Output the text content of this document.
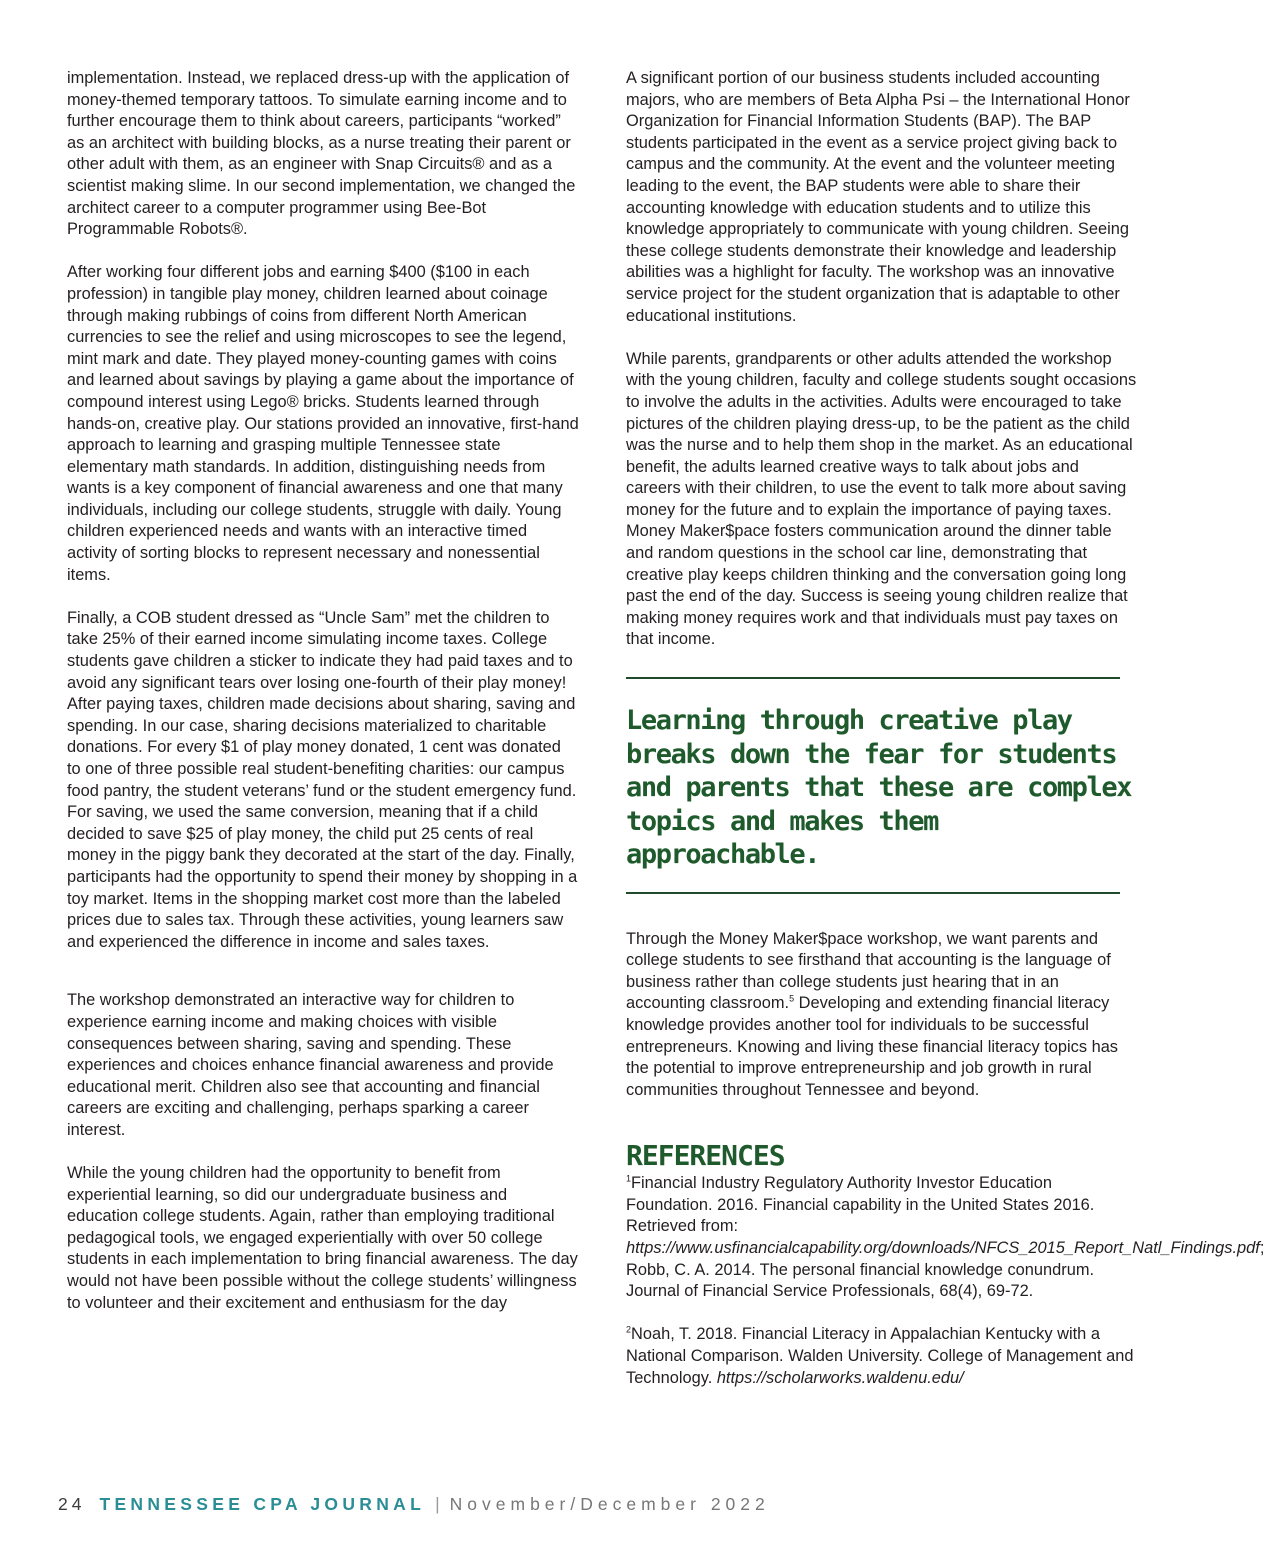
implementation. Instead, we replaced dress-up with the application of money-themed temporary tattoos. To simulate earning income and to further encourage them to think about careers, participants “worked” as an architect with building blocks, as a nurse treating their parent or other adult with them, as an engineer with Snap Circuits® and as a scientist making slime. In our second implementation, we changed the architect career to a computer programmer using Bee-Bot Programmable Robots®.

After working four different jobs and earning $400 ($100 in each profession) in tangible play money, children learned about coinage through making rubbings of coins from different North American currencies to see the relief and using microscopes to see the legend, mint mark and date. They played money-counting games with coins and learned about savings by playing a game about the importance of compound interest using Lego® bricks. Students learned through hands-on, creative play. Our stations provided an innovative, first-hand approach to learning and grasping multiple Tennessee state elementary math standards. In addition, distinguishing needs from wants is a key component of financial awareness and one that many individuals, including our college students, struggle with daily. Young children experienced needs and wants with an interactive timed activity of sorting blocks to represent necessary and nonessential items.

Finally, a COB student dressed as “Uncle Sam” met the children to take 25% of their earned income simulating income taxes. College students gave children a sticker to indicate they had paid taxes and to avoid any significant tears over losing one-fourth of their play money! After paying taxes, children made decisions about sharing, saving and spending. In our case, sharing decisions materialized to charitable donations. For every $1 of play money donated, 1 cent was donated to one of three possible real student-benefiting charities: our campus food pantry, the student veterans’ fund or the student emergency fund. For saving, we used the same conversion, meaning that if a child decided to save $25 of play money, the child put 25 cents of real money in the piggy bank they decorated at the start of the day. Finally, participants had the opportunity to spend their money by shopping in a toy market. Items in the shopping market cost more than the labeled prices due to sales tax. Through these activities, young learners saw and experienced the difference in income and sales taxes.

The workshop demonstrated an interactive way for children to experience earning income and making choices with visible consequences between sharing, saving and spending. These experiences and choices enhance financial awareness and provide educational merit. Children also see that accounting and financial careers are exciting and challenging, perhaps sparking a career interest.

While the young children had the opportunity to benefit from experiential learning, so did our undergraduate business and education college students. Again, rather than employing traditional pedagogical tools, we engaged experientially with over 50 college students in each implementation to bring financial awareness. The day would not have been possible without the college students’ willingness to volunteer and their excitement and enthusiasm for the day

A significant portion of our business students included accounting majors, who are members of Beta Alpha Psi – the International Honor Organization for Financial Information Students (BAP). The BAP students participated in the event as a service project giving back to campus and the community. At the event and the volunteer meeting leading to the event, the BAP students were able to share their accounting knowledge with education students and to utilize this knowledge appropriately to communicate with young children. Seeing these college students demonstrate their knowledge and leadership abilities was a highlight for faculty. The workshop was an innovative service project for the student organization that is adaptable to other educational institutions.

While parents, grandparents or other adults attended the workshop with the young children, faculty and college students sought occasions to involve the adults in the activities. Adults were encouraged to take pictures of the children playing dress-up, to be the patient as the child was the nurse and to help them shop in the market. As an educational benefit, the adults learned creative ways to talk about jobs and careers with their children, to use the event to talk more about saving money for the future and to explain the importance of paying taxes. Money Maker$pace fosters communication around the dinner table and random questions in the school car line, demonstrating that creative play keeps children thinking and the conversation going long past the end of the day. Success is seeing young children realize that making money requires work and that individuals must pay taxes on that income.

Learning through creative play breaks down the fear for students and parents that these are complex topics and makes them approachable.

Through the Money Maker$pace workshop, we want parents and college students to see firsthand that accounting is the language of business rather than college students just hearing that in an accounting classroom.$^5$ Developing and extending financial literacy knowledge provides another tool for individuals to be successful entrepreneurs. Knowing and living these financial literacy topics has the potential to improve entrepreneurship and job growth in rural communities throughout Tennessee and beyond.

REFERENCES

$^1$Financial Industry Regulatory Authority Investor Education Foundation. 2016. Financial capability in the United States 2016. Retrieved from: https://www.usfinancialcapability.org/downloads/NFCS_2015_Report_Natl_Findings.pdf; Robb, C. A. 2014. The personal financial knowledge conundrum. Journal of Financial Service Professionals, 68(4), 69-72.

$^2$Noah, T. 2018. Financial Literacy in Appalachian Kentucky with a National Comparison. Walden University. College of Management and Technology. https://scholarworks.waldenu.edu/

24 TENNESSEE CPA JOURNAL | November/December 2022
